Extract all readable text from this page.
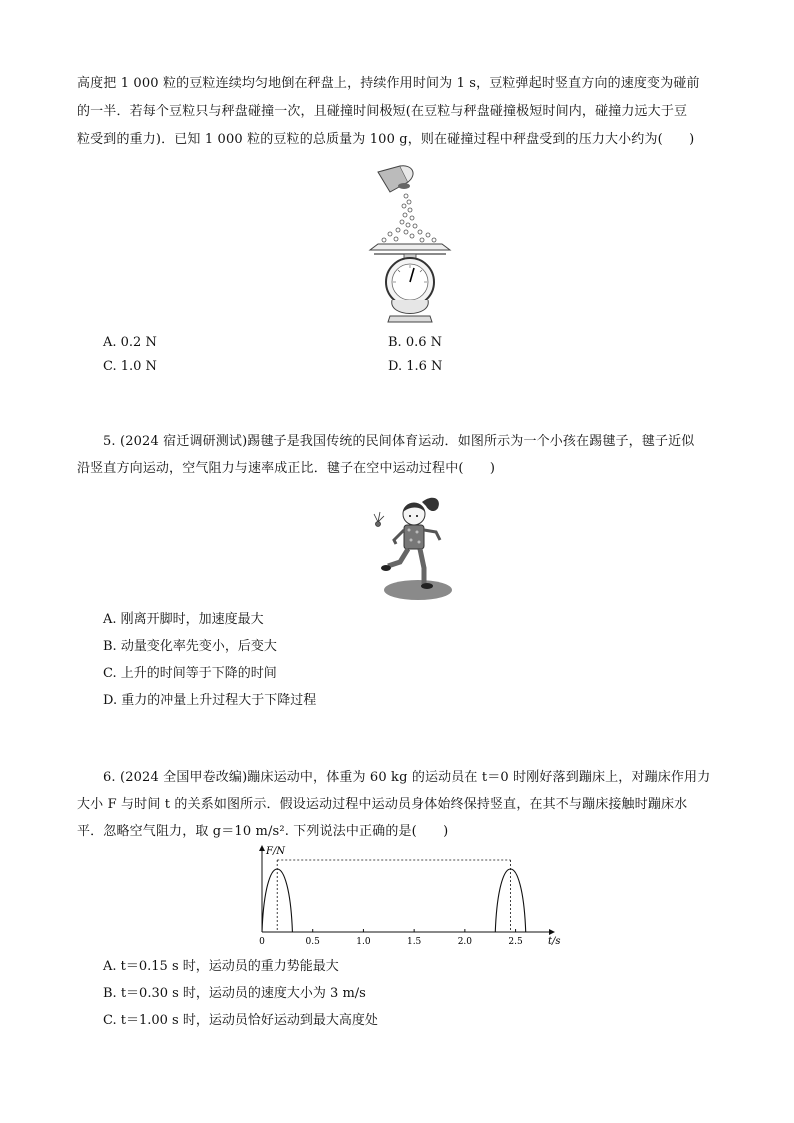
高度把 1 000 粒的豆粒连续均匀地倒在秤盘上，持续作用时间为 1 s，豆粒弹起时竖直方向的速度变为碰前

的一半．若每个豆粒只与秤盘碰撞一次，且碰撞时间极短(在豆粒与秤盘碰撞极短时间内，碰撞力远大于豆

粒受到的重力)．已知 1 000 粒的豆粒的总质量为 100 g，则在碰撞过程中秤盘受到的压力大小约为(　　)

A. 0.2 N	B. 0.6 N
C. 1.0 N	D. 1.6 N

5. (2024 宿迁调研测试)踢毽子是我国传统的民间体育运动．如图所示为一个小孩在踢毽子，毽子近似

沿竖直方向运动，空气阻力与速率成正比．毽子在空中运动过程中(　　)

A. 刚离开脚时，加速度最大
B. 动量变化率先变小，后变大
C. 上升的时间等于下降的时间
D. 重力的冲量上升过程大于下降过程

6. (2024 全国甲卷改编)蹦床运动中，体重为 60 kg 的运动员在 t＝0 时刚好落到蹦床上，对蹦床作用力

大小 F 与时间 t 的关系如图所示．假设运动过程中运动员身体始终保持竖直，在其不与蹦床接触时蹦床水

平．忽略空气阻力，取 g＝10 m/s². 下列说法中正确的是(　　)

F/N
t/s
0	0.5	1.0	1.5	2.0	2.5
A. t＝0.15 s 时，运动员的重力势能最大
B. t＝0.30 s 时，运动员的速度大小为 3 m/s
C. t＝1.00 s 时，运动员恰好运动到最大高度处
